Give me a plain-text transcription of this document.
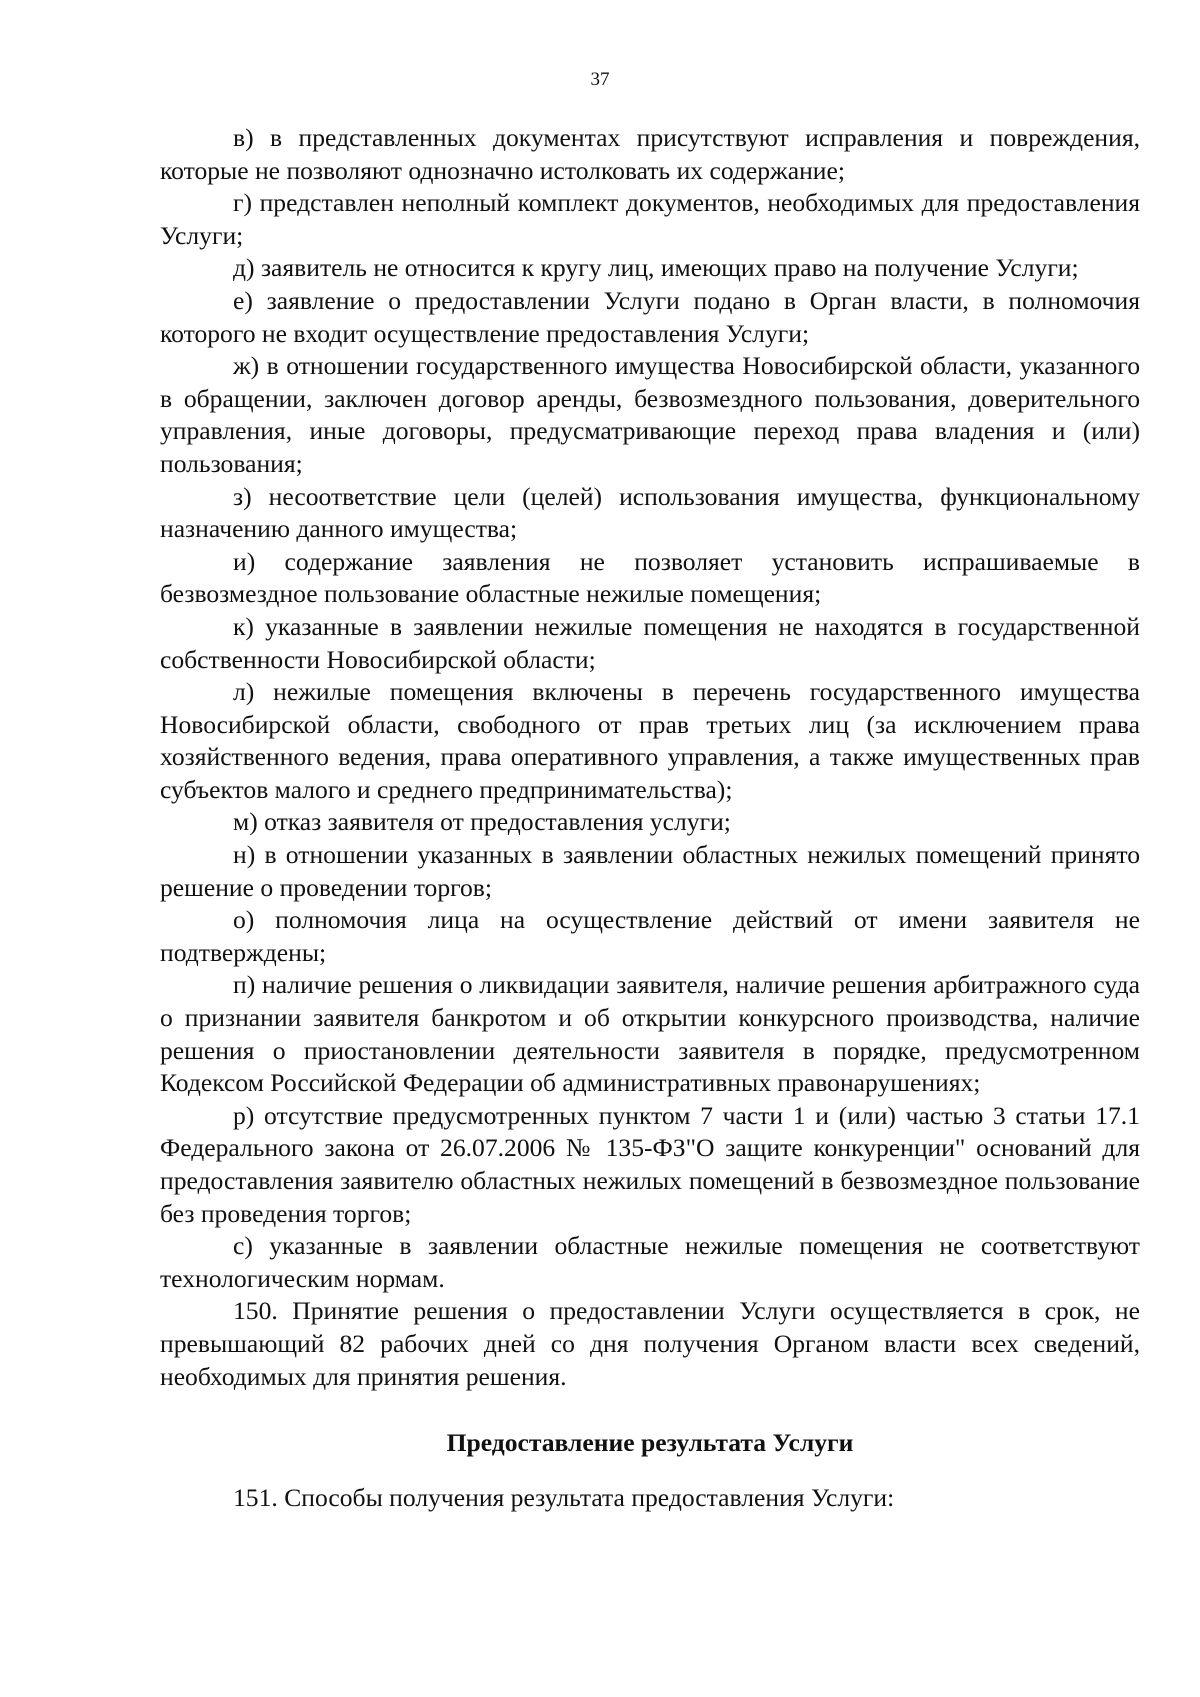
37

в) в представленных документах присутствуют исправления и повреждения, которые не позволяют однозначно истолковать их содержание;

г) представлен неполный комплект документов, необходимых для предоставления Услуги;

д) заявитель не относится к кругу лиц, имеющих право на получение Услуги;

е) заявление о предоставлении Услуги подано в Орган власти, в полномочия которого не входит осуществление предоставления Услуги;

ж) в отношении государственного имущества Новосибирской области, указанного в обращении, заключен договор аренды, безвозмездного пользования, доверительного управления, иные договоры, предусматривающие переход права владения и (или) пользования;

з) несоответствие цели (целей) использования имущества, функциональному назначению данного имущества;

и) содержание заявления не позволяет установить испрашиваемые в безвозмездное пользование областные нежилые помещения;

к) указанные в заявлении нежилые помещения не находятся в государственной собственности Новосибирской области;

л) нежилые помещения включены в перечень государственного имущества Новосибирской области, свободного от прав третьих лиц (за исключением права хозяйственного ведения, права оперативного управления, а также имущественных прав субъектов малого и среднего предпринимательства);

м) отказ заявителя от предоставления услуги;

н) в отношении указанных в заявлении областных нежилых помещений принято решение о проведении торгов;

о) полномочия лица на осуществление действий от имени заявителя не подтверждены;

п) наличие решения о ликвидации заявителя, наличие решения арбитражного суда о признании заявителя банкротом и об открытии конкурсного производства, наличие решения о приостановлении деятельности заявителя в порядке, предусмотренном Кодексом Российской Федерации об административных правонарушениях;

р) отсутствие предусмотренных пунктом 7 части 1 и (или) частью 3 статьи 17.1 Федерального закона от 26.07.2006 № 135-ФЗ"О защите конкуренции" оснований для предоставления заявителю областных нежилых помещений в безвозмездное пользование без проведения торгов;

с) указанные в заявлении областные нежилые помещения не соответствуют технологическим нормам.

150. Принятие решения о предоставлении Услуги осуществляется в срок, не превышающий 82 рабочих дней со дня получения Органом власти всех сведений, необходимых для принятия решения.

Предоставление результата Услуги

151. Способы получения результата предоставления Услуги:
